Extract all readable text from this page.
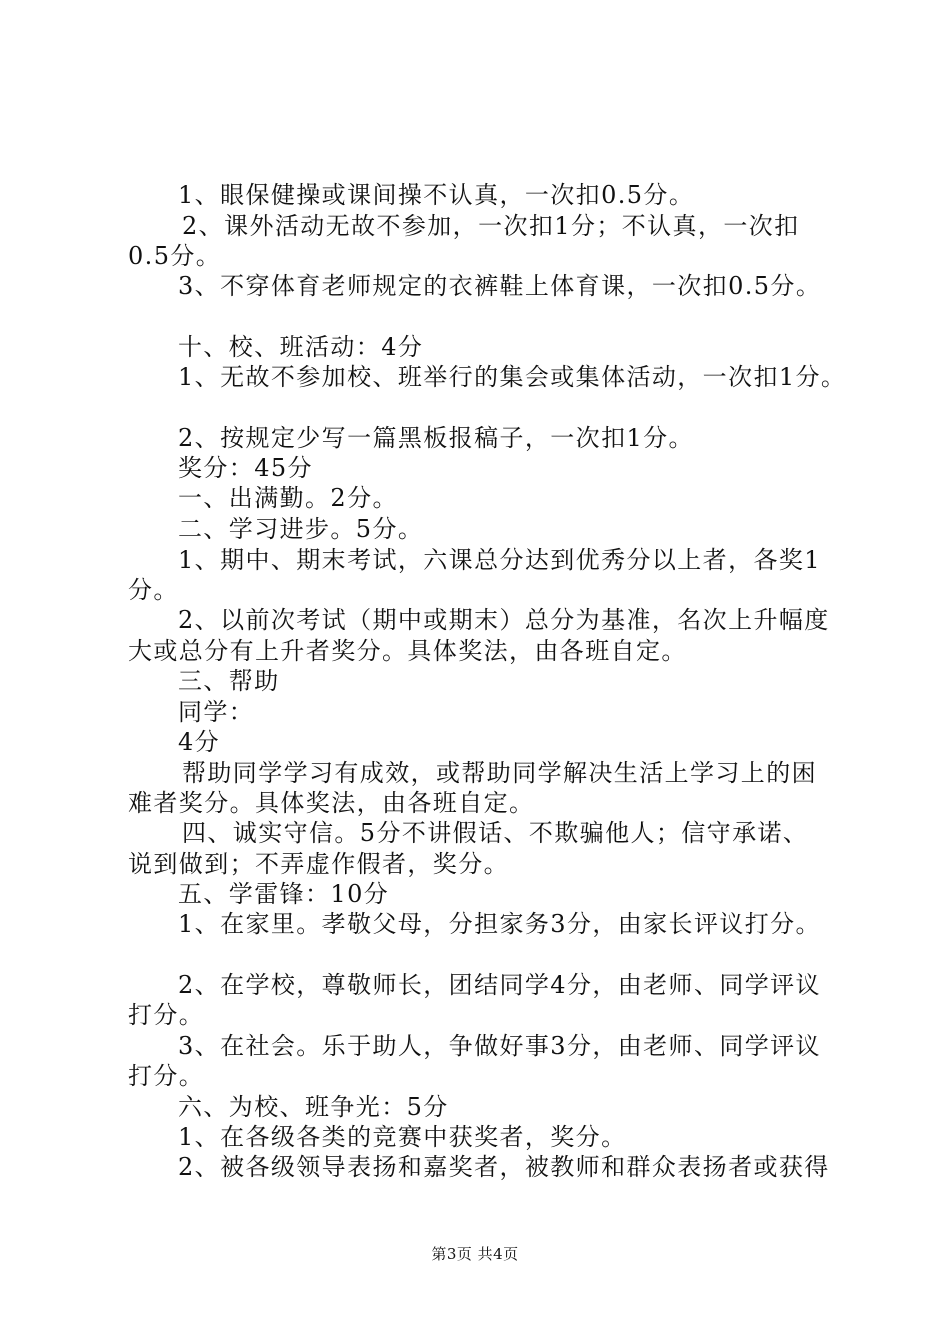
1、眼保健操或课间操不认真，一次扣0.5分。
2、课外活动无故不参加，一次扣1分；不认真，一次扣
0.5分。
3、不穿体育老师规定的衣裤鞋上体育课，一次扣0.5分。
十、校、班活动：4分
1、无故不参加校、班举行的集会或集体活动，一次扣1分。
2、按规定少写一篇黑板报稿子，一次扣1分。
奖分：45分
一、出满勤。2分。
二、学习进步。5分。
1、期中、期末考试，六课总分达到优秀分以上者，各奖1
分。
2、以前次考试（期中或期末）总分为基准，名次上升幅度
大或总分有上升者奖分。具体奖法，由各班自定。
三、帮助
同学：
4分
帮助同学学习有成效，或帮助同学解决生活上学习上的困
难者奖分。具体奖法，由各班自定。
四、诚实守信。5分不讲假话、不欺骗他人；信守承诺、
说到做到；不弄虚作假者，奖分。
五、学雷锋：10分
1、在家里。孝敬父母，分担家务3分，由家长评议打分。
2、在学校，尊敬师长，团结同学4分，由老师、同学评议
打分。
3、在社会。乐于助人，争做好事3分，由老师、同学评议
打分。
六、为校、班争光：5分
1、在各级各类的竞赛中获奖者，奖分。
2、被各级领导表扬和嘉奖者，被教师和群众表扬者或获得
第3页 共4页
